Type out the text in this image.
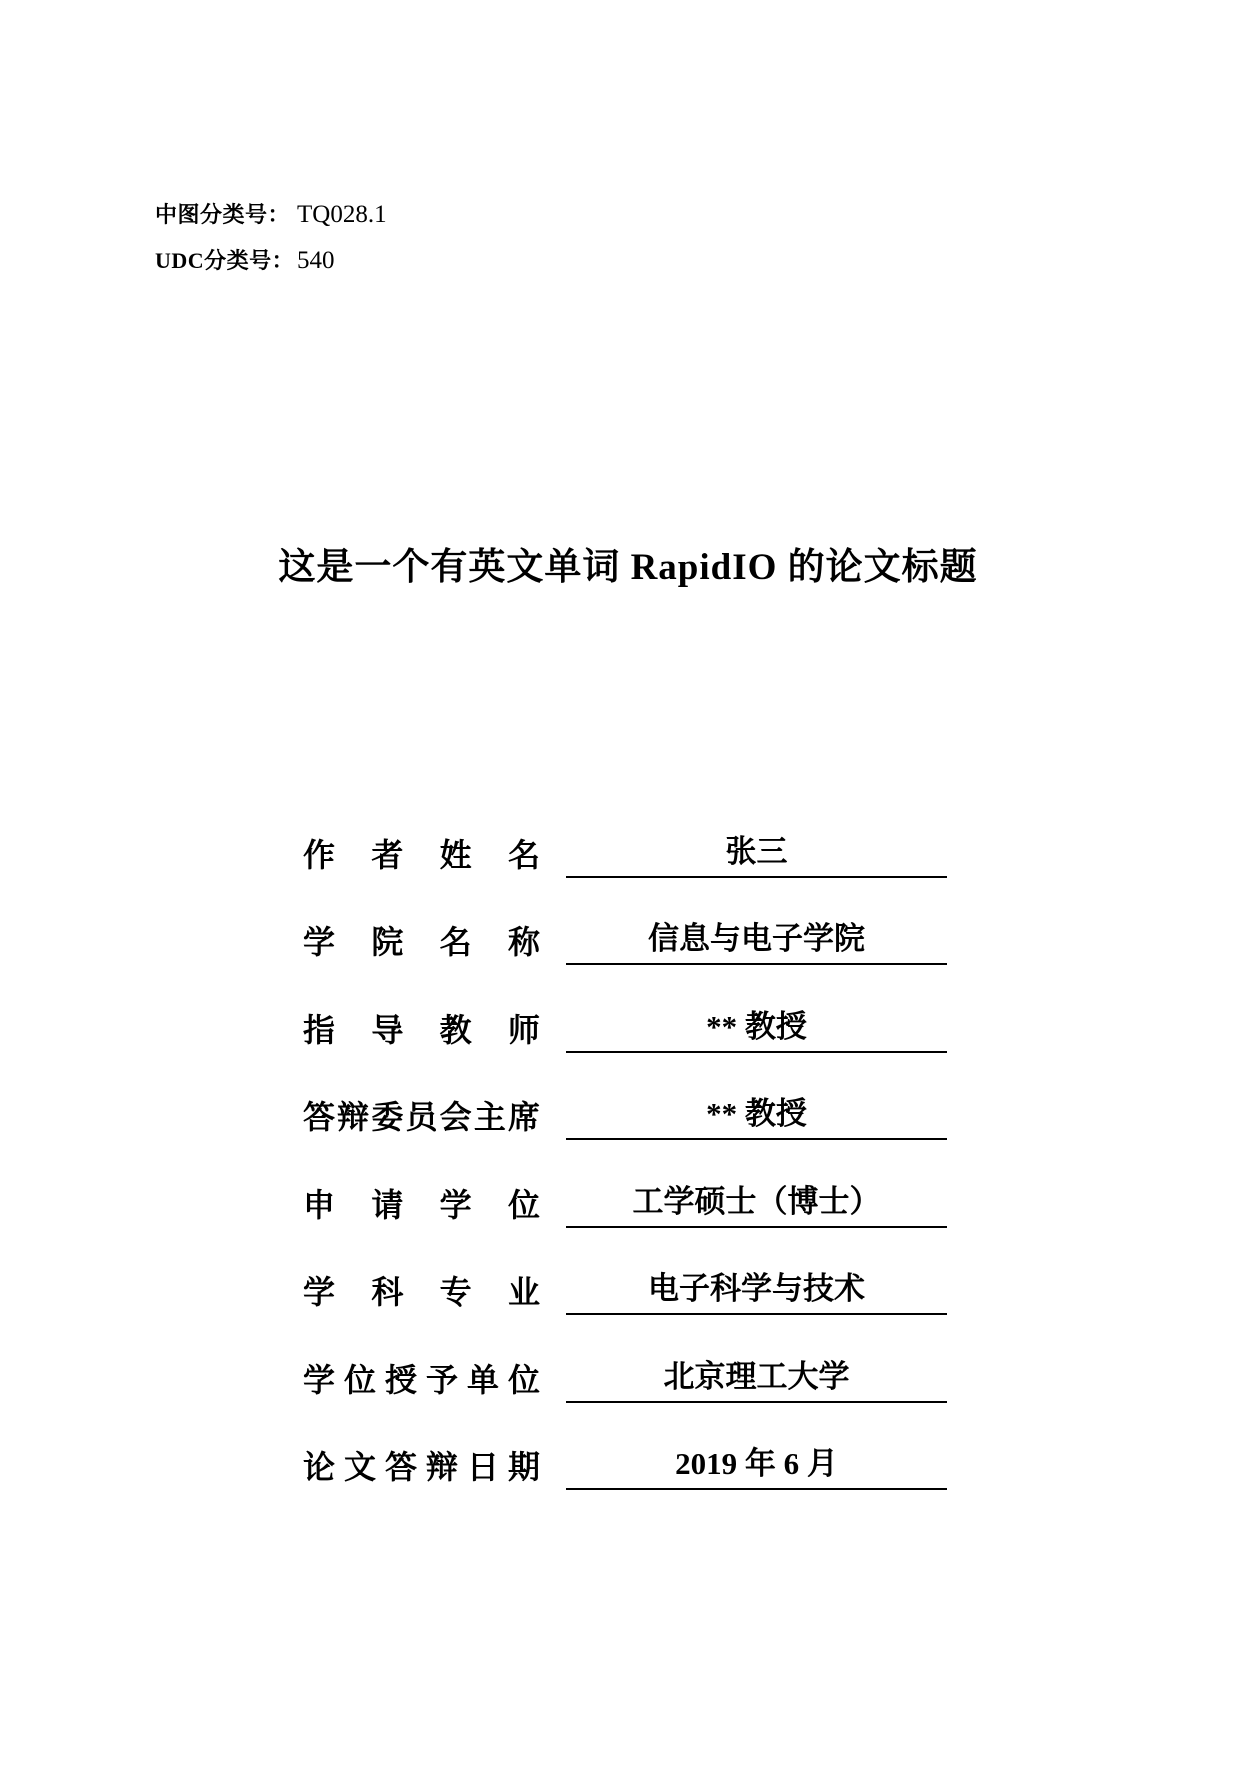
中图分类号： TQ028.1
UDC分类号： 540
这是一个有英文单词 RapidIO 的论文标题
作者姓名	张三
学院名称	信息与电子学院
指导教师	** 教授
答辩委员会主席	** 教授
申请学位	工学硕士（博士）
学科专业	电子科学与技术
学位授予单位	北京理工大学
论文答辩日期	2019 年 6 月
